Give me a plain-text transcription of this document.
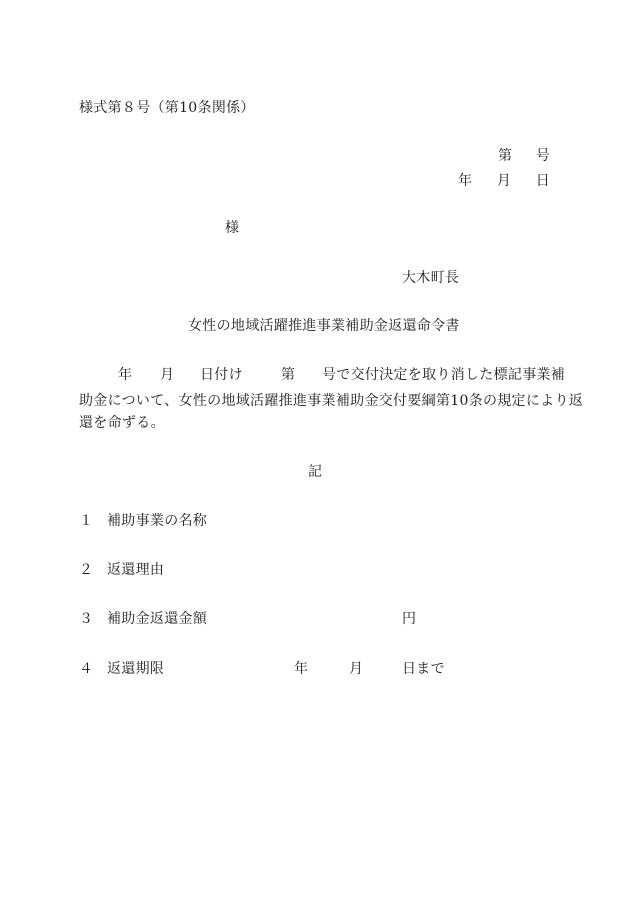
様式第８号（第10条関係）
第 号
年 月 日
様
大木町長
女性の地域活躍推進事業補助金返還命令書
年 月 日付け	第 号で交付決定を取り消した標記事業補
助金について、女性の地域活躍推進事業補助金交付要綱第10条の規定により返
還を命ずる。
記
１ 補助事業の名称
２ 返還理由
３ 補助金返還金額	円
４ 返還期限	年	月	日まで
